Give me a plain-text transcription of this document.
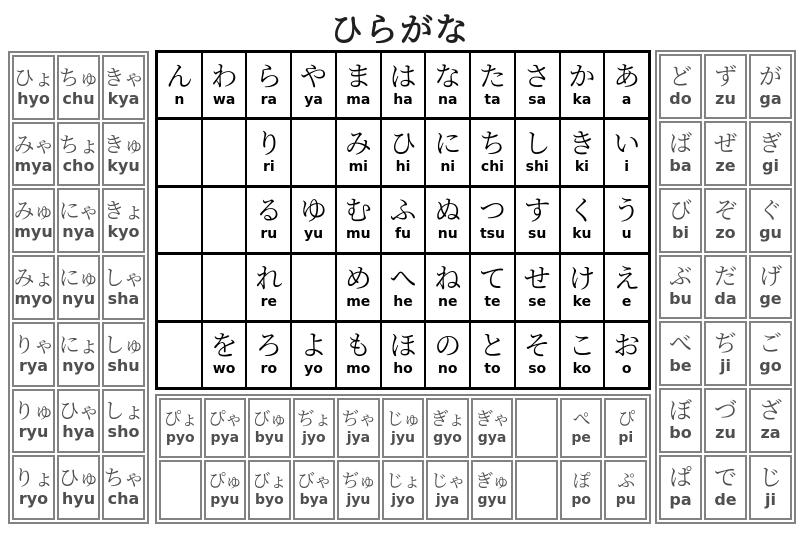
ひらがな
ひょ
hyo
ちゅ
chu
きゃ
kya
みゃ
mya
ちょ
cho
きゅ
kyu
みゅ
myu
にゃ
nya
きょ
kyo
みょ
myo
にゅ
nyu
しゃ
sha
りゃ
rya
にょ
nyo
しゅ
shu
りゅ
ryu
ひゃ
hya
しょ
sho
りょ
ryo
ひゅ
hyu
ちゃ
cha
ん
n
わ
wa
ら
ra
や
ya
ま
ma
は
ha
な
na
た
ta
さ
sa
か
ka
あ
a
り
ri
み
mi
ひ
hi
に
ni
ち
chi
し
shi
き
ki
い
i
る
ru
ゆ
yu
む
mu
ふ
fu
ぬ
nu
つ
tsu
す
su
く
ku
う
u
れ
re
め
me
へ
he
ね
ne
て
te
せ
se
け
ke
え
e
を
wo
ろ
ro
よ
yo
も
mo
ほ
ho
の
no
と
to
そ
so
こ
ko
お
o
ぴょ
pyo
ぴゃ
pya
びゅ
byu
ぢょ
jyo
ぢゃ
jya
じゅ
jyu
ぎょ
gyo
ぎゃ
gya
ぺ
pe
ぴ
pi
ぴゅ
pyu
びょ
byo
びゃ
bya
ぢゅ
jyu
じょ
jyo
じゃ
jya
ぎゅ
gyu
ぽ
po
ぷ
pu
ど
do
ず
zu
が
ga
ば
ba
ぜ
ze
ぎ
gi
び
bi
ぞ
zo
ぐ
gu
ぶ
bu
だ
da
げ
ge
べ
be
ぢ
ji
ご
go
ぼ
bo
づ
zu
ざ
za
ぱ
pa
で
de
じ
ji
